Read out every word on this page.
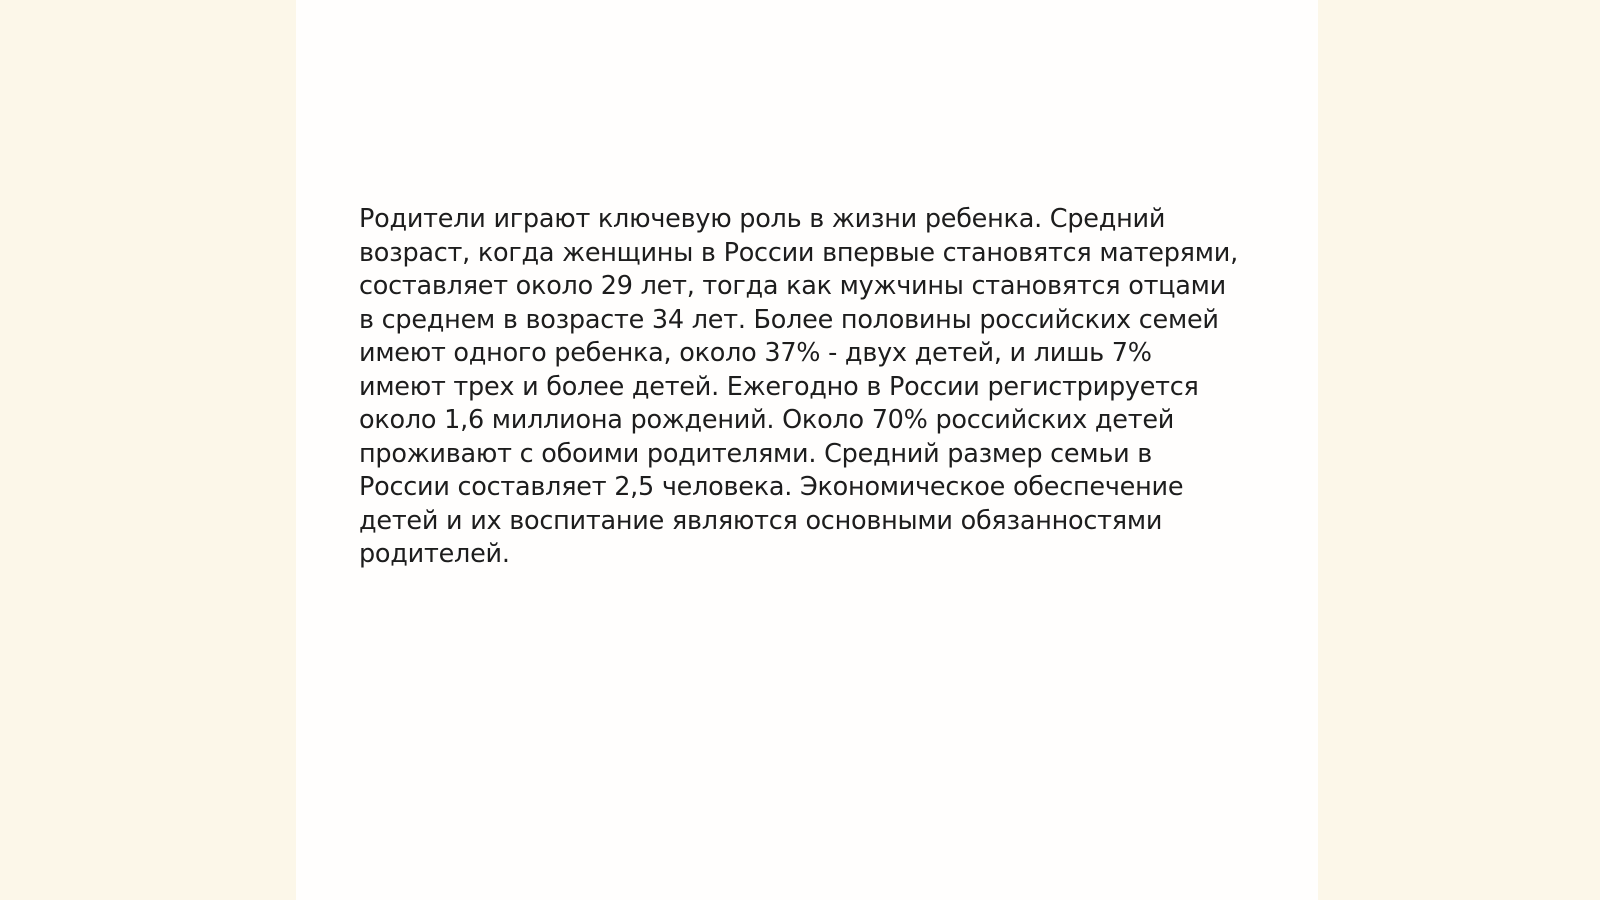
Родители играют ключевую роль в жизни ребенка. Средний возраст, когда женщины в России впервые становятся матерями, составляет около 29 лет, тогда как мужчины становятся отцами в среднем в возрасте 34 лет. Более половины российских семей имеют одного ребенка, около 37% - двух детей, и лишь 7% имеют трех и более детей. Ежегодно в России регистрируется около 1,6 миллиона рождений. Около 70% российских детей проживают с обоими родителями. Средний размер семьи в России составляет 2,5 человека. Экономическое обеспечение детей и их воспитание являются основными обязанностями родителей.
